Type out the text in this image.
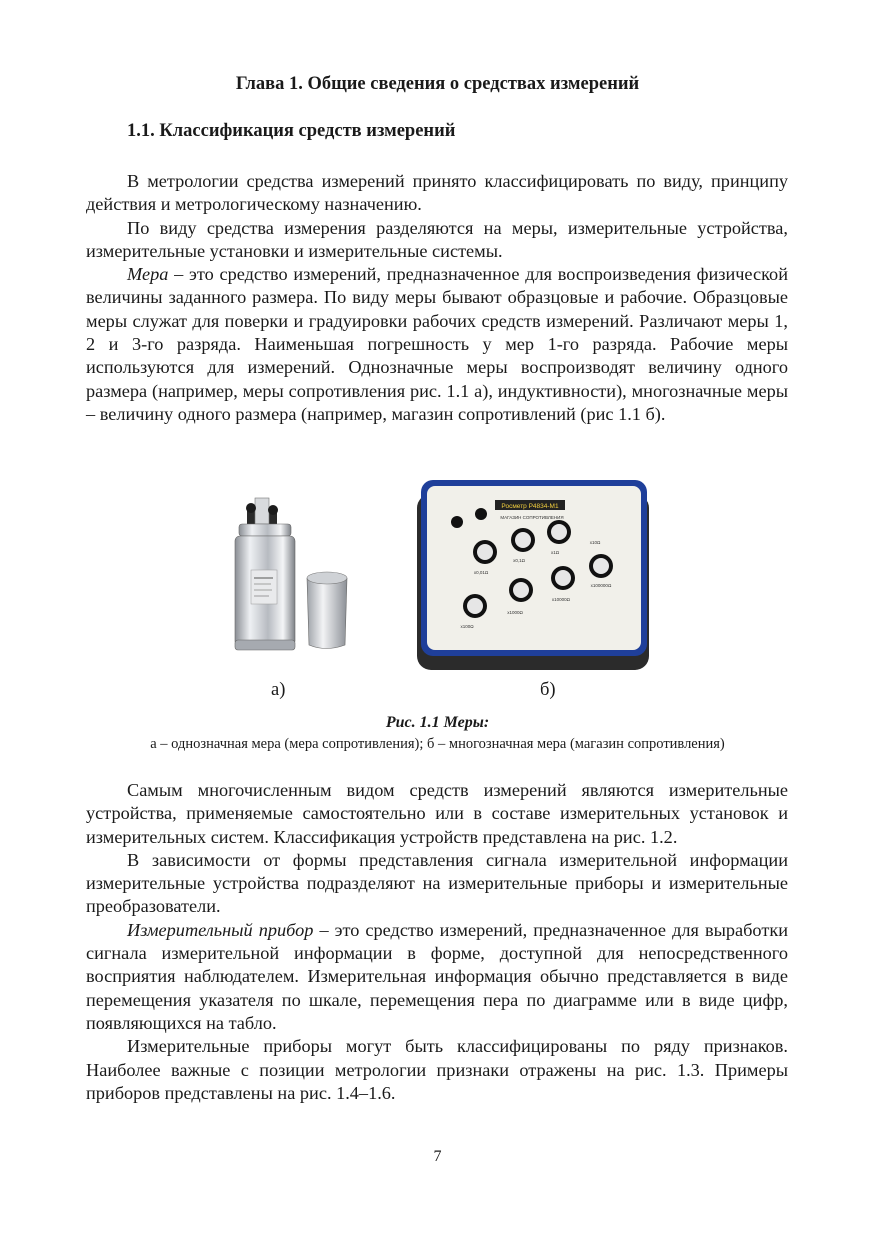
Глава 1. Общие сведения о средствах измерений
1.1. Классификация средств измерений

В метрологии средства измерений принято классифицировать по виду, принципу действия и метрологическому назначению.

По виду средства измерения разделяются на меры, измерительные устройства, измерительные установки и измерительные системы.

Мера – это средство измерений, предназначенное для воспроизведения физической величины заданного размера. По виду меры бывают образцовые и рабочие. Образцовые меры служат для поверки и градуировки рабочих средств измерений. Различают меры 1, 2 и 3-го разряда. Наименьшая погрешность у мер 1-го разряда. Рабочие меры используются для измерений. Однозначные меры воспроизводят величину одного размера (например, меры сопротивления рис. 1.1 а), индуктивности), многозначные меры – величину одного размера (например, магазин сопротивлений (рис 1.1 б).

Росметр Р4834-М1
МАГАЗИН СОПРОТИВЛЕНИЯ
х0,01Ω
х0,1Ω
х1Ω
х10Ω
х100Ω
х1000Ω
х10000Ω
х100000Ω
а)	б)
Рис. 1.1 Меры:
а – однозначная мера (мера сопротивления); б – многозначная мера (магазин сопротивления)

Самым многочисленным видом средств измерений являются измерительные устройства, применяемые самостоятельно или в составе измерительных установок и измерительных систем. Классификация устройств представлена на рис. 1.2.

В зависимости от формы представления сигнала измерительной информации измерительные устройства подразделяют на измерительные приборы и измерительные преобразователи.

Измерительный прибор – это средство измерений, предназначенное для выработки сигнала измерительной информации в форме, доступной для непосредственного восприятия наблюдателем. Измерительная информация обычно представляется в виде перемещения указателя по шкале, перемещения пера по диаграмме или в виде цифр, появляющихся на табло.

Измерительные приборы могут быть классифицированы по ряду признаков. Наиболее важные с позиции метрологии признаки отражены на рис. 1.3. Примеры приборов представлены на рис. 1.4–1.6.

7
